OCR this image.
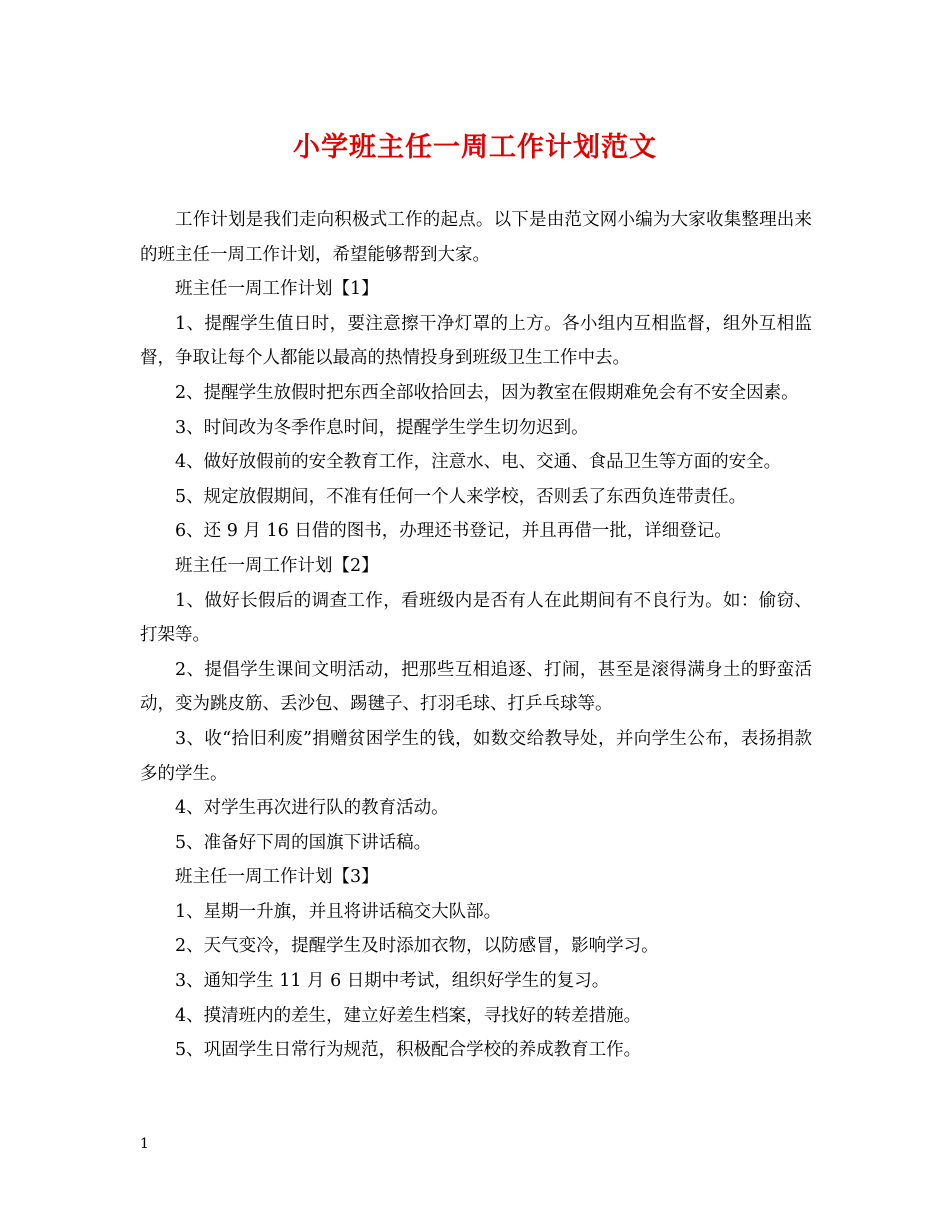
小学班主任一周工作计划范文

工作计划是我们走向积极式工作的起点。以下是由范文网小编为大家收集整理出来的班主任一周工作计划，希望能够帮到大家。

班主任一周工作计划【1】

1、提醒学生值日时，要注意擦干净灯罩的上方。各小组内互相监督，组外互相监督，争取让每个人都能以最高的热情投身到班级卫生工作中去。

2、提醒学生放假时把东西全部收拾回去，因为教室在假期难免会有不安全因素。

3、时间改为冬季作息时间，提醒学生学生切勿迟到。

4、做好放假前的安全教育工作，注意水、电、交通、食品卫生等方面的安全。

5、规定放假期间，不准有任何一个人来学校，否则丢了东西负连带责任。

6、还 9 月 16 日借的图书，办理还书登记，并且再借一批，详细登记。

班主任一周工作计划【2】

1、做好长假后的调查工作，看班级内是否有人在此期间有不良行为。如：偷窃、打架等。

2、提倡学生课间文明活动，把那些互相追逐、打闹，甚至是滚得满身土的野蛮活动，变为跳皮筋、丢沙包、踢毽子、打羽毛球、打乒乓球等。

3、收“拾旧利废”捐赠贫困学生的钱，如数交给教导处，并向学生公布，表扬捐款多的学生。

4、对学生再次进行队的教育活动。

5、准备好下周的国旗下讲话稿。

班主任一周工作计划【3】

1、星期一升旗，并且将讲话稿交大队部。

2、天气变冷，提醒学生及时添加衣物，以防感冒，影响学习。

3、通知学生 11 月 6 日期中考试，组织好学生的复习。

4、摸清班内的差生，建立好差生档案，寻找好的转差措施。

5、巩固学生日常行为规范，积极配合学校的养成教育工作。

1
